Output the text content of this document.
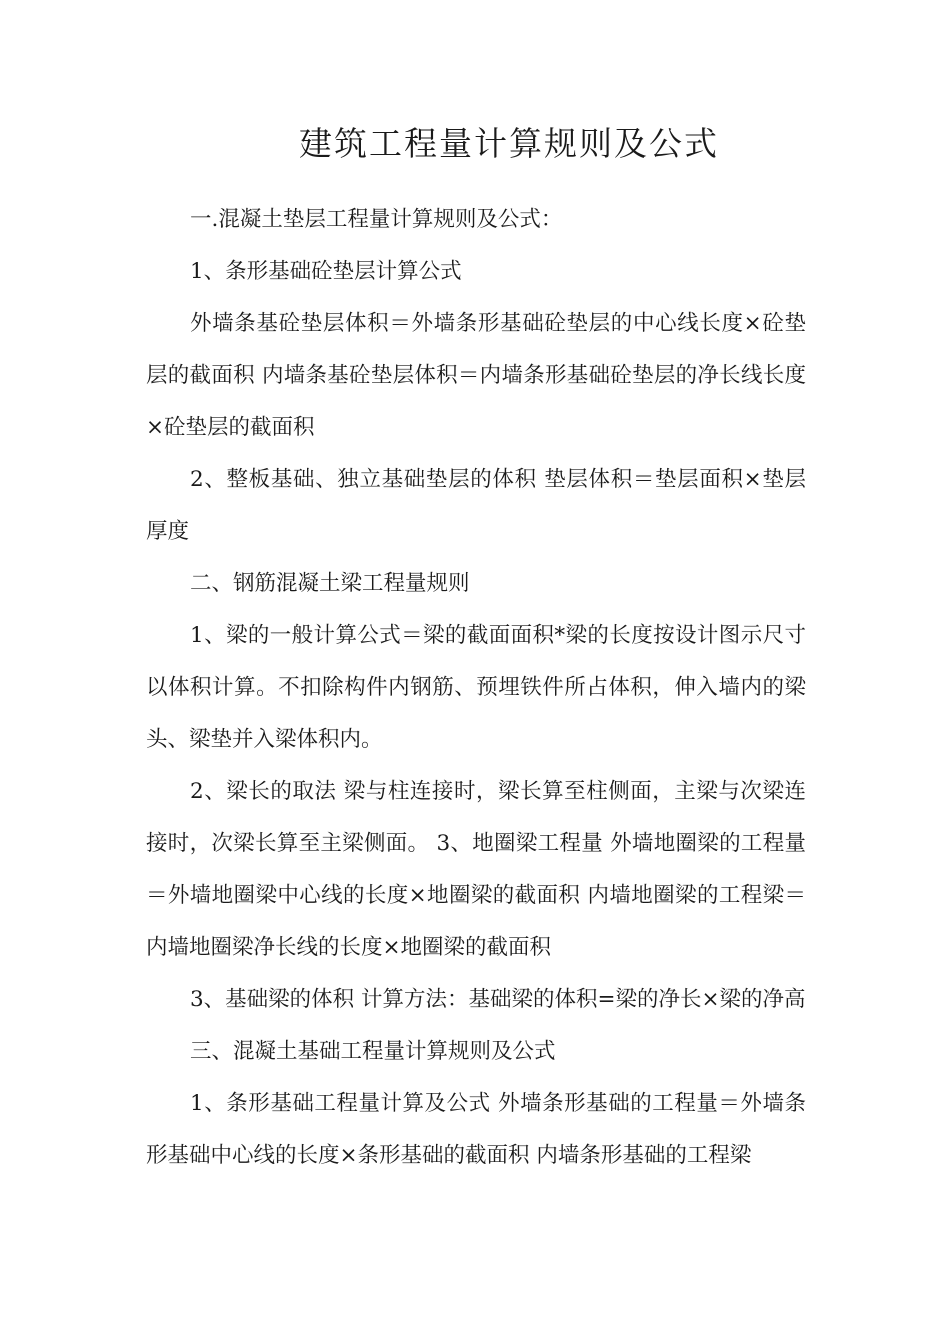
建筑工程量计算规则及公式

一.混凝土垫层工程量计算规则及公式：

1、条形基础砼垫层计算公式

外墙条基砼垫层体积＝外墙条形基础砼垫层的中心线长度×砼垫层的截面积 内墙条基砼垫层体积＝内墙条形基础砼垫层的净长线长度×砼垫层的截面积

2、整板基础、独立基础垫层的体积 垫层体积＝垫层面积×垫层厚度

二、钢筋混凝土梁工程量规则

1、梁的一般计算公式＝梁的截面面积*梁的长度按设计图示尺寸以体积计算。不扣除构件内钢筋、预埋铁件所占体积，伸入墙内的梁头、梁垫并入梁体积内。

2、梁长的取法 梁与柱连接时，梁长算至柱侧面，主梁与次梁连接时，次梁长算至主梁侧面。 3、地圈梁工程量 外墙地圈梁的工程量＝外墙地圈梁中心线的长度×地圈梁的截面积 内墙地圈梁的工程梁＝内墙地圈梁净长线的长度×地圈梁的截面积

3、基础梁的体积 计算方法：基础梁的体积=梁的净长×梁的净高

三、混凝土基础工程量计算规则及公式

1、条形基础工程量计算及公式 外墙条形基础的工程量＝外墙条形基础中心线的长度×条形基础的截面积 内墙条形基础的工程梁
